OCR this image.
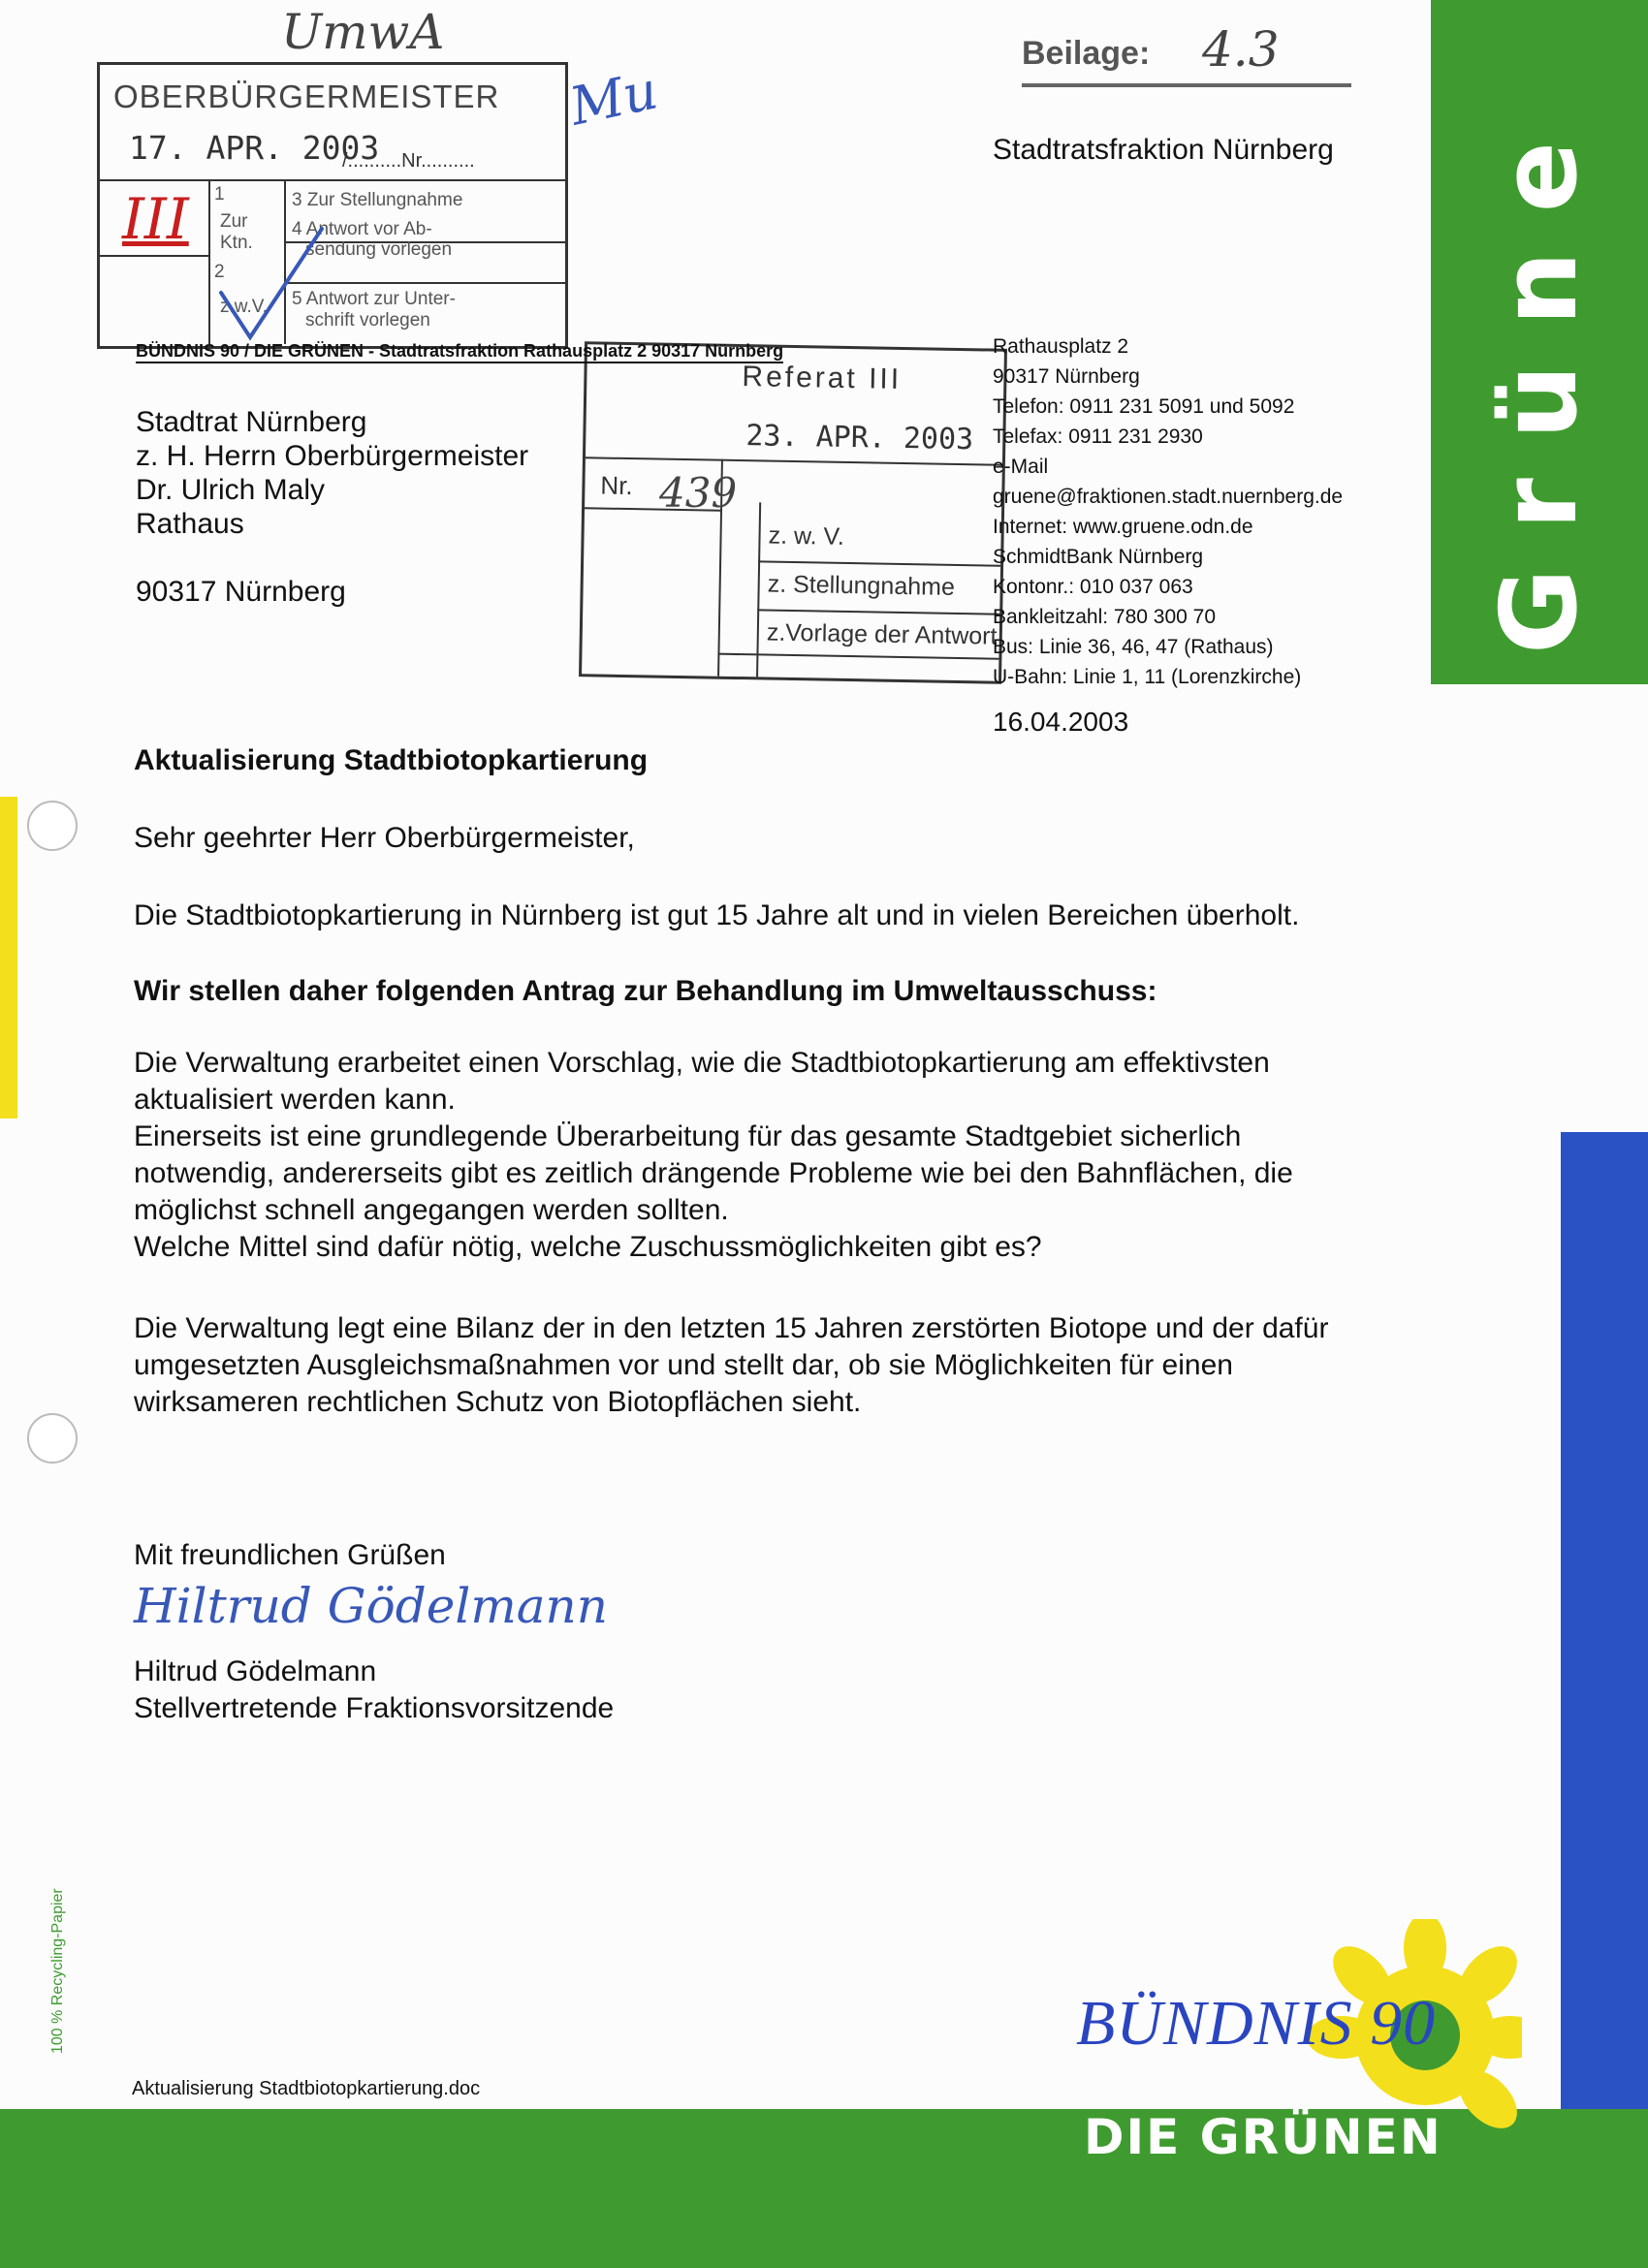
Grüne
Beilage: 4.3
UmwA
Mu
OBERBÜRGERMEISTER
17. APR. 2003
/..........Nr..........
1
Zur
Ktn.
2
z.w.V.
3 Zur Stellungnahme
4 Antwort vor Ab-
sendung vorlegen
5 Antwort zur Unter-
schrift vorlegen
III
Referat III
23. APR. 2003
Nr.
z. w. V.
z. Stellungnahme
z.Vorlage der Antwort
439
Stadtratsfraktion Nürnberg
BÜNDNIS 90 / DIE GRÜNEN - Stadtratsfraktion Rathausplatz 2 90317 Nürnberg	Rathausplatz 2
90317 Nürnberg
Telefon: 0911 231 5091 und 5092
Telefax: 0911 231 2930
e-Mail
gruene@fraktionen.stadt.nuernberg.de
Internet: www.gruene.odn.de
SchmidtBank Nürnberg
Kontonr.: 010 037 063
Bankleitzahl: 780 300 70
Bus: Linie 36, 46, 47 (Rathaus)
U-Bahn: Linie 1, 11 (Lorenzkirche)
16.04.2003
Stadtrat Nürnberg
z. H. Herrn Oberbürgermeister
Dr. Ulrich Maly
Rathaus
90317 Nürnberg
Aktualisierung Stadtbiotopkartierung
Sehr geehrter Herr Oberbürgermeister,
Die Stadtbiotopkartierung in Nürnberg ist gut 15 Jahre alt und in vielen Bereichen überholt.
Wir stellen daher folgenden Antrag zur Behandlung im Umweltausschuss:
Die Verwaltung erarbeitet einen Vorschlag, wie die Stadtbiotopkartierung am effektivsten
aktualisiert werden kann.
Einerseits ist eine grundlegende Überarbeitung für das gesamte Stadtgebiet sicherlich
notwendig, andererseits gibt es zeitlich drängende Probleme wie bei den Bahnflächen, die
möglichst schnell angegangen werden sollten.
Welche Mittel sind dafür nötig, welche Zuschussmöglichkeiten gibt es?
Die Verwaltung legt eine Bilanz der in den letzten 15 Jahren zerstörten Biotope und der dafür
umgesetzten Ausgleichsmaßnahmen vor und stellt dar, ob sie Möglichkeiten für einen
wirksameren rechtlichen Schutz von Biotopflächen sieht.
Mit freundlichen Grüßen
Hiltrud Gödelmann
Hiltrud Gödelmann
Stellvertretende Fraktionsvorsitzende
Aktualisierung Stadtbiotopkartierung.doc
100 % Recycling-Papier	BÜNDNIS 90
DIE GRÜNEN
